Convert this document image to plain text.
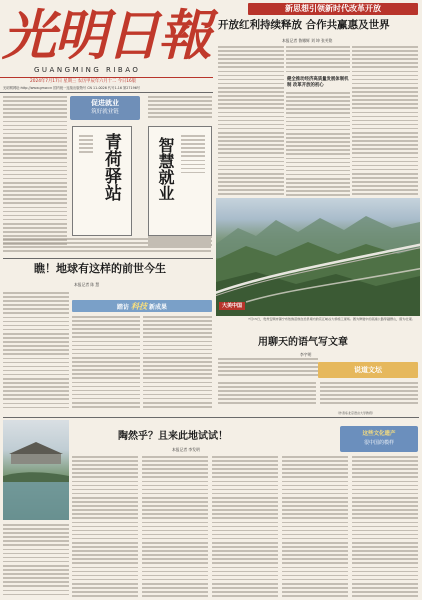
新思想引领新时代改革开放
光明日報
GUANGMING RIBAO
2024年7月17日 星期三 农历甲辰年六月十二 今日16版
光明网网址:http://www.gmw.cn 国内统一连续出版物号 CN 11-0026 代号1-16 第27196号
开放红利持续释放 合作共赢惠及世界
本报记者 鲁娜辉 刘 坤 张芙铭
健全推动经济高质量发展体制机制 改革开放的初心
促进就业
筑好就业链
青荷驿站 智慧就业
大美中国
7月15日，贵州安顺市镇宁布依族苗族自治县境内的花江峡谷大桥施工现场。图为修建中的高速公路穿越群山，蔚为壮观。
瞧！地球有这样的前世今生
本报记者 陈 慧
踏访 科技 新成果
用聊天的语气写文章
李宇明
说道文坛
（作者系北京语言大学教授）
陶然乎？且来此地试试！
本报记者 李发明
这些文化遗产
很中国的模样
